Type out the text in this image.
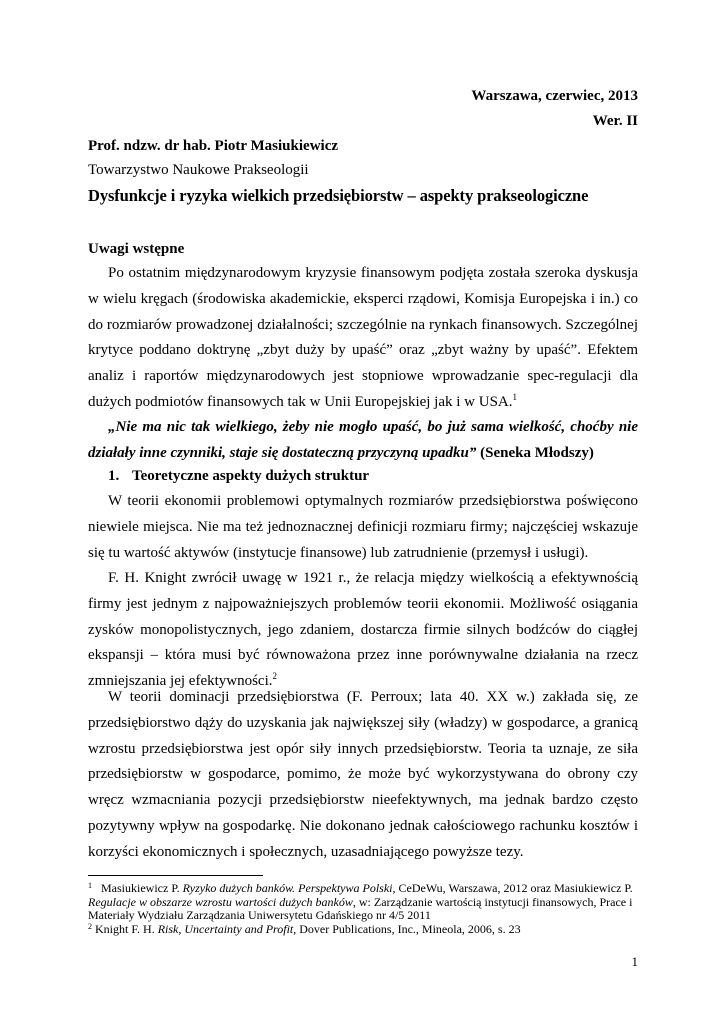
Warszawa, czerwiec, 2013
Wer. II
Prof. ndzw. dr hab. Piotr Masiukiewicz
Towarzystwo Naukowe Prakseologii
Dysfunkcje i ryzyka wielkich przedsiębiorstw – aspekty prakseologiczne
Uwagi wstępne
Po ostatnim międzynarodowym kryzysie finansowym podjęta została szeroka dyskusja w wielu kręgach (środowiska akademickie, eksperci rządowi, Komisja Europejska i in.) co do rozmiarów prowadzonej działalności; szczególnie na rynkach finansowych. Szczególnej krytyce poddano doktrynę „zbyt duży by upaść” oraz „zbyt ważny by upaść”. Efektem analiz i raportów międzynarodowych jest stopniowe wprowadzanie spec-regulacji dla dużych podmiotów finansowych tak w Unii Europejskiej jak i w USA.$^1$
„Nie ma nic tak wielkiego, żeby nie mogło upaść, bo już sama wielkość, choćby nie działały inne czynniki, staje się dostateczną przyczyną upadku” (Seneka Młodszy)
1. Teoretyczne aspekty dużych struktur
W teorii ekonomii problemowi optymalnych rozmiarów przedsiębiorstwa poświęcono niewiele miejsca. Nie ma też jednoznacznej definicji rozmiaru firmy; najczęściej wskazuje się tu wartość aktywów (instytucje finansowe) lub zatrudnienie (przemysł i usługi).
F. H. Knight zwrócił uwagę w 1921 r., że relacja między wielkością a efektywnością firmy jest jednym z najpoważniejszych problemów teorii ekonomii. Możliwość osiągania zysków monopolistycznych, jego zdaniem, dostarcza firmie silnych bodźców do ciągłej ekspansji – która musi być równoważona przez inne porównywalne działania na rzecz zmniejszania jej efektywności.$^2$
W teorii dominacji przedsiębiorstwa (F. Perroux; lata 40. XX w.) zakłada się, ze przedsiębiorstwo dąży do uzyskania jak największej siły (władzy) w gospodarce, a granicą wzrostu przedsiębiorstwa jest opór siły innych przedsiębiorstw. Teoria ta uznaje, ze siła przedsiębiorstw w gospodarce, pomimo, że może być wykorzystywana do obrony czy wręcz wzmacniania pozycji przedsiębiorstw nieefektywnych, ma jednak bardzo często pozytywny wpływ na gospodarkę. Nie dokonano jednak całościowego rachunku kosztów i korzyści ekonomicznych i społecznych, uzasadniającego powyższe tezy.
$^1$ Masiukiewicz P. Ryzyko dużych banków. Perspektywa Polski, CeDeWu, Warszawa, 2012 oraz Masiukiewicz P. Regulacje w obszarze wzrostu wartości dużych banków, w: Zarządzanie wartością instytucji finansowych, Prace i Materiały Wydziału Zarządzania Uniwersytetu Gdańskiego nr 4/5 2011
$^2$ Knight F. H. Risk, Uncertainty and Profit, Dover Publications, Inc., Mineola, 2006, s. 23
1
